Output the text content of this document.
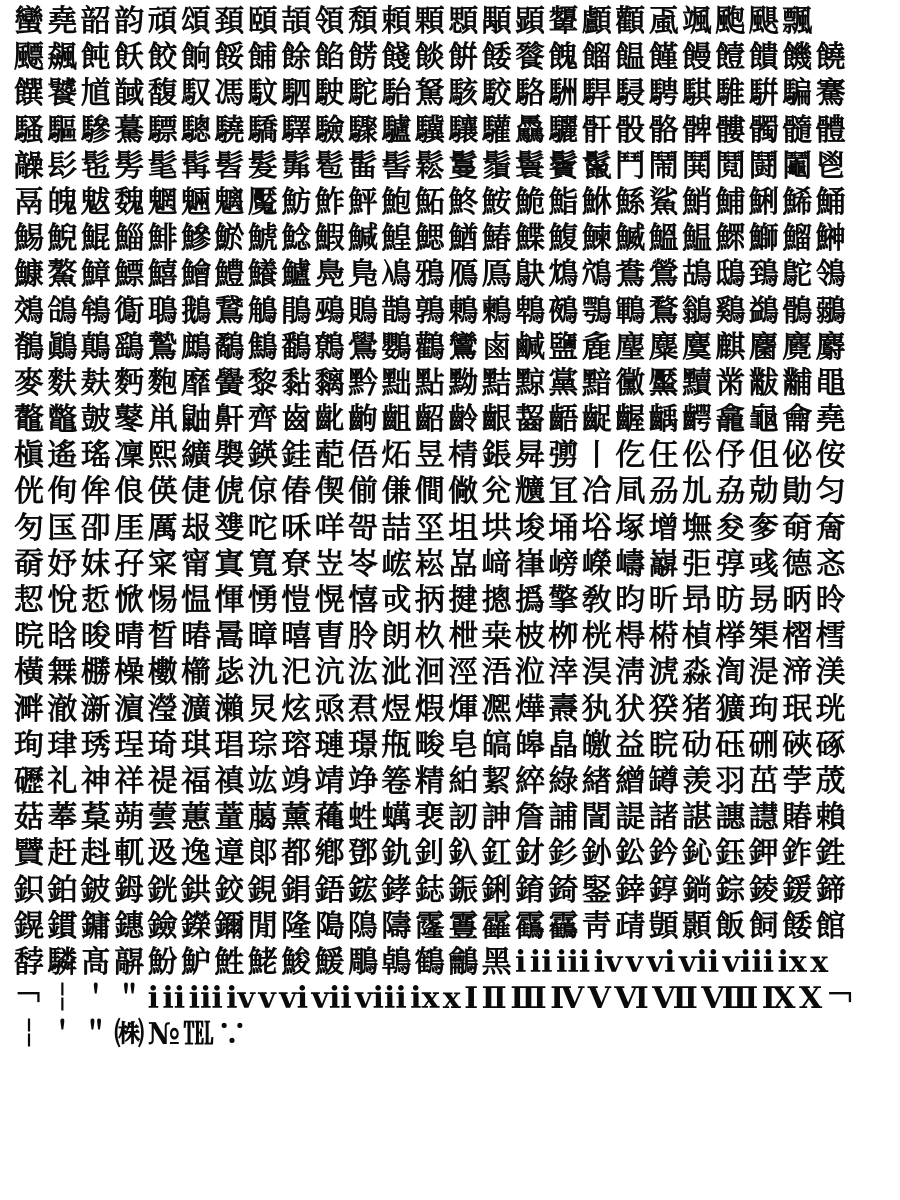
蠻堯韶韵頑頌頚頤頡領頽頼顆顋顒顕顰顱顴颪颯颮颶飄
飃飆飩飫餃餉餒餔餘餡餝餞餤餠餧餮餽餾饂饉饅饐饋饑饒
饌饕馗馘馥馭馮馼駟駛駝駘駑駭駮駱駲駻駸騁騏騅騈騙騫
騷驅驂驀驃驄驍驕驛驗驟驢驥驤驩驫驪骭骰骼髀髏髑髓體
髞髟髢髣髦髯髫髮髴髱髷髻鬆鬘鬚鬟鬢鬣鬥鬧鬨鬩鬪鬮鬯
鬲魄魃魏魍魎魑魘魴鮓鮃鮑鮖鮗鮟鮠鮨鮴鯀鯊鮹鯆鯏鯑鯒
鯣鯢鯤鯔鯡鰺鯲鯱鯰鰕鰔鰉鰓鰌鰆鰈鰒鰊鰄鰮鰛鰥鰤鰡鰰
鱇鰲鱆鰾鱚鱠鱧鱶鱸鳧鳬鳰鴉鴈鳫鴃鴆鴪鴦鶯鴣鴟鵄鴕鴒
鵁鴿鴾鵆鵈鵝鵞鵤鵑鵐鵙鵲鶉鶇鶫鵯鵺鶚鶤鶩鶲鷄鷁鶻鶸
鶺鷆鷏鷂鷙鷓鷸鷦鷭鷯鷽鸚鸛鸞鹵鹹鹽麁麈麋麌麒麕麑麝
麥麩麸麪麭靡黌黎黏黐黔黜點黝黠黥黨黯黴黶黷黹黻黼黽
鼇鼈皷鼕鼡鼬鼾齊齒齔齣齟齠齡齦齧齬齪齷齲齶龕龜龠堯
槇遙瑤凜熙纊褜鍈銈蓜俉炻昱棈鋹曻彅丨仡仼伀伃伹佖侒
侊侚侔俍偀倢俿倞偆偰偂傔僴僘兊兤冝冾凬刕劜劦勀勛匀
匇匤卲厓厲叝﨎咜咊咩哿喆坙坥垬埈埇﨏塚增墲夋奓奛奝
奣妤妺孖寀甯寘寬尞岦岺峵崧嵓﨑嵂嵭嶸嶹巐弡弴彧德忞
恝悅悊惞惕愠惲愑愷愰憘戓抦揵摠撝擎敎昀昕昻昉昮昞昤
晥晗晙晴晳暙暠暲暿曺朎朗杦枻桒柀栁桄棏﨓楨﨔榘槢樰
橫橆橳橾櫢櫤毖氿汜沆汯泚洄涇浯涖涬淏淸淲淼渹湜渧渼
溿澈澵濵瀅瀇瀨炅炫焏焄煜煆煇凞燁燾犱犾猤猪獷玽珉珖
珣珒琇珵琦琪琩琮瑢璉璟甁畯皂皜皞皛皦益睆劯砡硎硤硺
礰礼神祥禔福禛竑竧靖竫箞精絈絜綷綠緖繒罇羡羽茁荢荿
菇菶葈蒴蕓蕙蕫﨟薰蘒﨡蠇裵訒訷詹誧誾諟諸諶譓譿賰賴
贒赶﨣軏﨤逸遧郞都鄕鄧釚釗釞釭釮釤釥鈆鈐鈊鈺鉀鈼鉎
鉙鉑鈹鉧銧鉷鉸鋧鋗鋙鋐﨧鋕鋠鋓錥錡鋻﨨錞鋿錝錂鍰鍗
鎤鏆鏞鏸鐱鑅鑈閒隆﨩隝隯霳霻靃靍靏靑靕顗顥飯飼餧館
馞驎髙髜魵魲鮏鮱鮻鰀鵰鵫鶴鸙黑ⅰⅱⅲⅳⅴⅵⅶⅷⅸⅹ
￢￤＇＂ⅰⅱⅲⅳⅴⅵⅶⅷⅸⅹⅠⅡⅢⅣⅤⅥⅦⅧⅨⅩ￢
￤＇＂㈱№℡∵
